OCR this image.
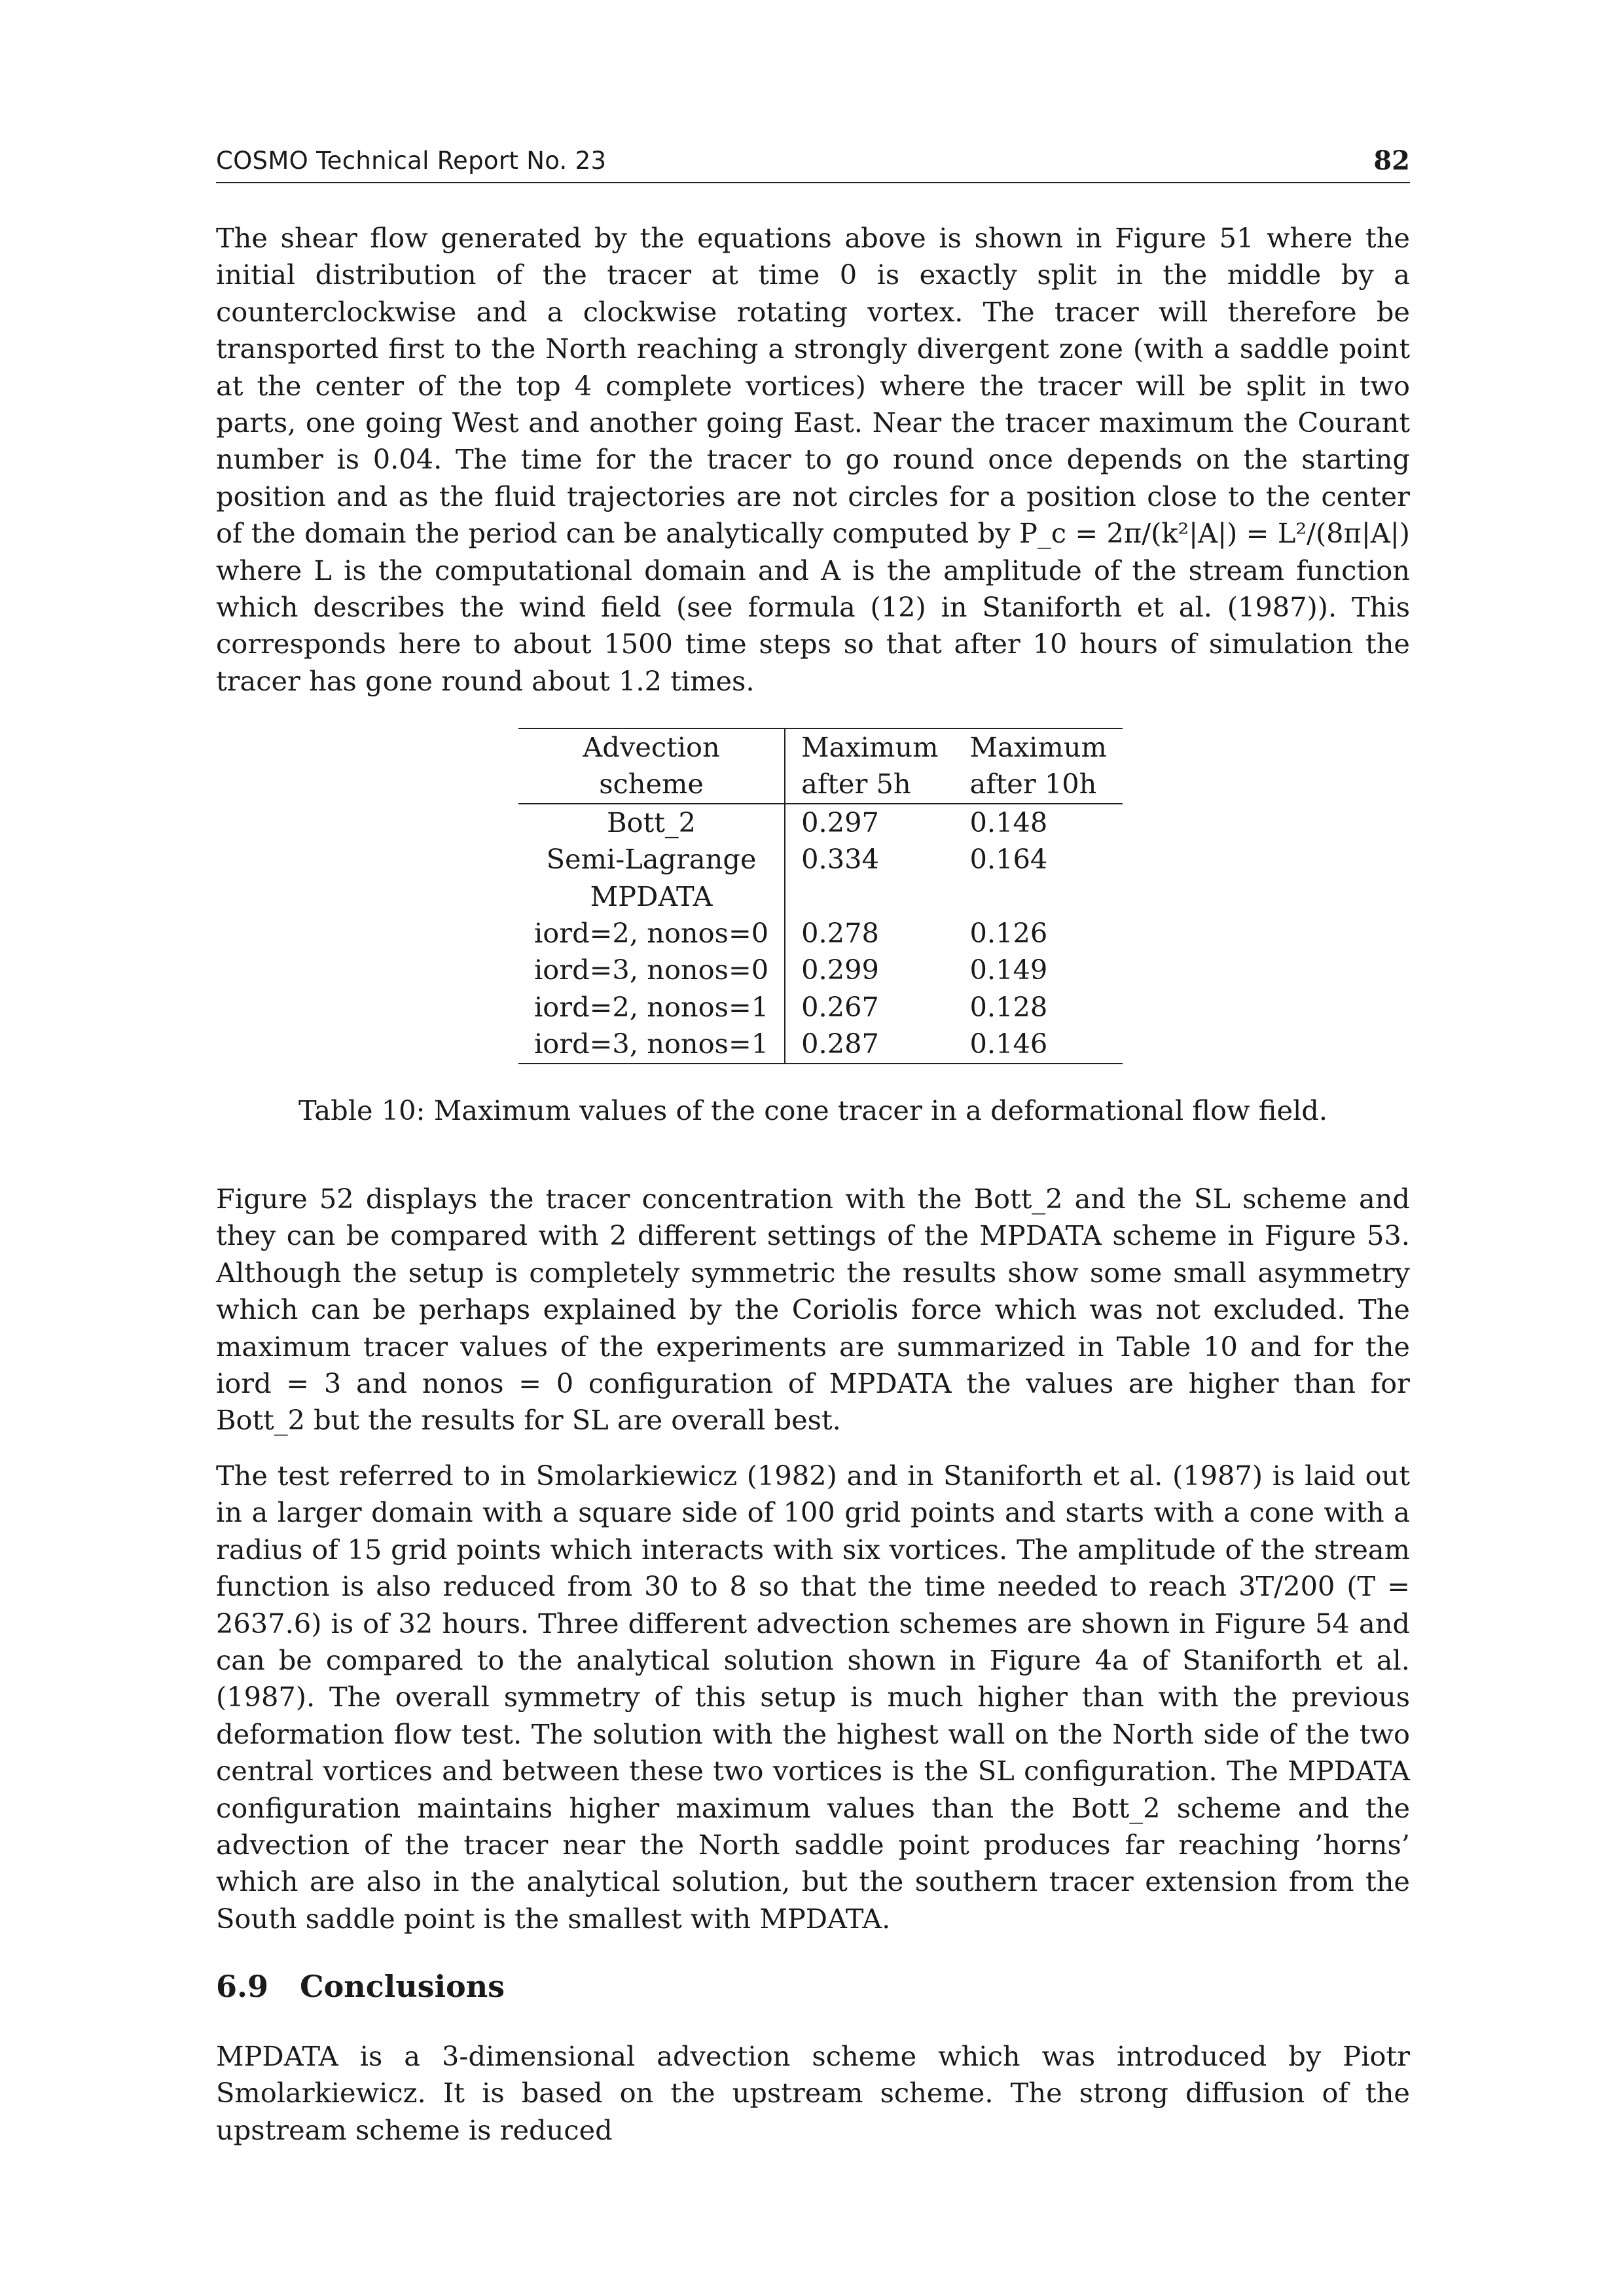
COSMO Technical Report No. 23	82

The shear flow generated by the equations above is shown in Figure 51 where the initial distribution of the tracer at time 0 is exactly split in the middle by a counterclockwise and a clockwise rotating vortex. The tracer will therefore be transported first to the North reaching a strongly divergent zone (with a saddle point at the center of the top 4 complete vortices) where the tracer will be split in two parts, one going West and another going East. Near the tracer maximum the Courant number is 0.04. The time for the tracer to go round once depends on the starting position and as the fluid trajectories are not circles for a position close to the center of the domain the period can be analytically computed by P_c = 2π/(k²|A|) = L²/(8π|A|) where L is the computational domain and A is the amplitude of the stream function which describes the wind field (see formula (12) in Staniforth et al. (1987)). This corresponds here to about 1500 time steps so that after 10 hours of simulation the tracer has gone round about 1.2 times.

Advection	Maximum	Maximum
scheme	after 5h	after 10h
Bott_2	0.297	0.148
Semi-Lagrange	0.334	0.164
MPDATA		
iord=2, nonos=0	0.278	0.126
iord=3, nonos=0	0.299	0.149
iord=2, nonos=1	0.267	0.128
iord=3, nonos=1	0.287	0.146
Table 10: Maximum values of the cone tracer in a deformational flow field.

Figure 52 displays the tracer concentration with the Bott_2 and the SL scheme and they can be compared with 2 different settings of the MPDATA scheme in Figure 53. Although the setup is completely symmetric the results show some small asymmetry which can be perhaps explained by the Coriolis force which was not excluded. The maximum tracer values of the experiments are summarized in Table 10 and for the iord = 3 and nonos = 0 configuration of MPDATA the values are higher than for Bott_2 but the results for SL are overall best.

The test referred to in Smolarkiewicz (1982) and in Staniforth et al. (1987) is laid out in a larger domain with a square side of 100 grid points and starts with a cone with a radius of 15 grid points which interacts with six vortices. The amplitude of the stream function is also reduced from 30 to 8 so that the time needed to reach 3T/200 (T = 2637.6) is of 32 hours. Three different advection schemes are shown in Figure 54 and can be compared to the analytical solution shown in Figure 4a of Staniforth et al. (1987). The overall symmetry of this setup is much higher than with the previous deformation flow test. The solution with the highest wall on the North side of the two central vortices and between these two vortices is the SL configuration. The MPDATA configuration maintains higher maximum values than the Bott_2 scheme and the advection of the tracer near the North saddle point produces far reaching ’horns’ which are also in the analytical solution, but the southern tracer extension from the South saddle point is the smallest with MPDATA.

6.9 Conclusions

MPDATA is a 3-dimensional advection scheme which was introduced by Piotr Smolarkiewicz. It is based on the upstream scheme. The strong diffusion of the upstream scheme is reduced
